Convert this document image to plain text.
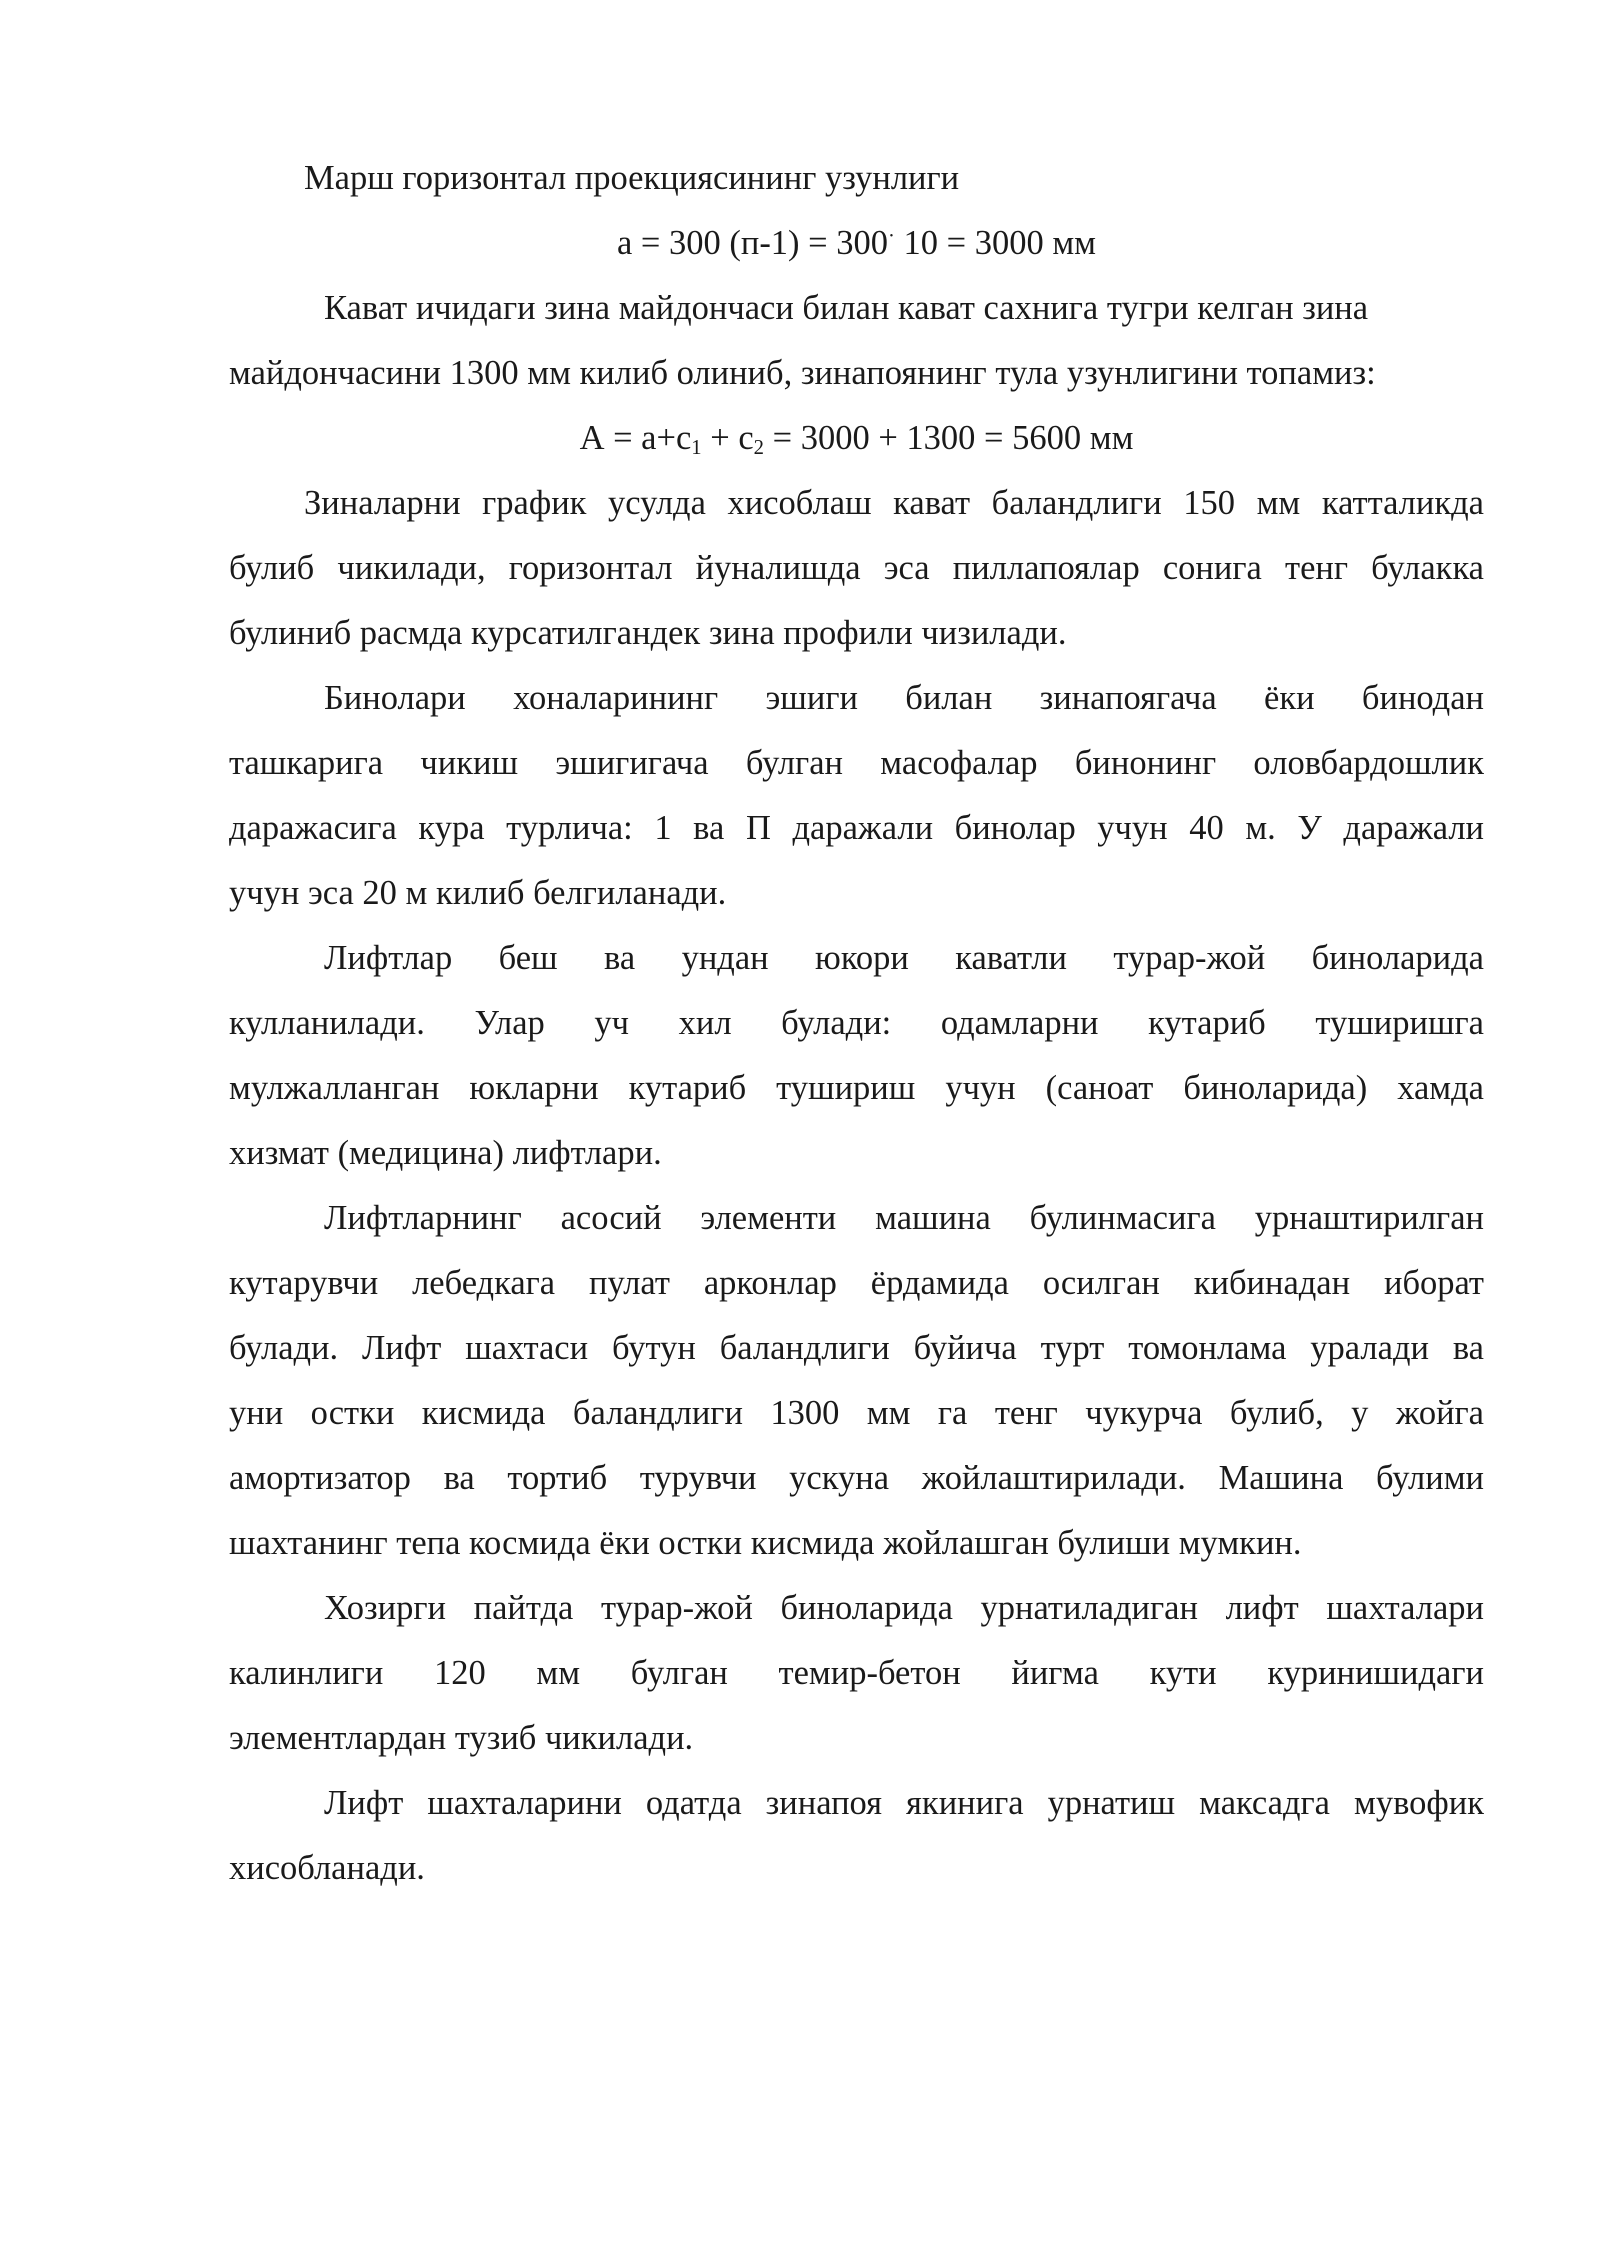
Марш горизонтал проекциясининг узунлиги
а = 300 (п-1) = 300· 10 = 3000 мм
Кават ичидаги зина майдончаси билан кават сахнига тугри келган зина
майдончасини 1300 мм килиб олиниб, зинапоянинг тула узунлигини топамиз:
$А = а+с_1 + с_2 = 3000 + 1300 = 5600$ мм
Зиналарни график усулда хисоблаш кават баландлиги 150 мм катталикда
булиб чикилади, горизонтал йуналишда эса пиллапоялар сонига тенг булакка
булиниб расмда курсатилгандек зина профили чизилади.
Бинолари хоналарининг эшиги билан зинапоягача ёки бинодан
ташкарига чикиш эшигигача булган масофалар бинонинг оловбардошлик
даражасига кура турлича: 1 ва П даражали бинолар учун 40 м. У даражали
учун эса 20 м килиб белгиланади.
Лифтлар беш ва ундан юкори каватли турар-жой биноларида
кулланилади. Улар уч хил булади: одамларни кутариб туширишга
мулжалланган юкларни кутариб тушириш учун (саноат биноларида) хамда
хизмат (медицина) лифтлари.
Лифтларнинг асосий элементи машина булинмасига урнаштирилган
кутарувчи лебедкага пулат арконлар ёрдамида осилган кибинадан иборат
булади. Лифт шахтаси бутун баландлиги буйича турт томонлама уралади ва
уни остки кисмида баландлиги 1300 мм га тенг чукурча булиб, у жойга
амортизатор ва тортиб турувчи ускуна жойлаштирилади. Машина булими
шахтанинг тепа космида ёки остки кисмида жойлашган булиши мумкин.
Хозирги пайтда турар-жой биноларида урнатиладиган лифт шахталари
калинлиги 120 мм булган темир-бетон йигма кути куринишидаги
элементлардан тузиб чикилади.
Лифт шахталарини одатда зинапоя якинига урнатиш максадга мувофик
хисобланади.
